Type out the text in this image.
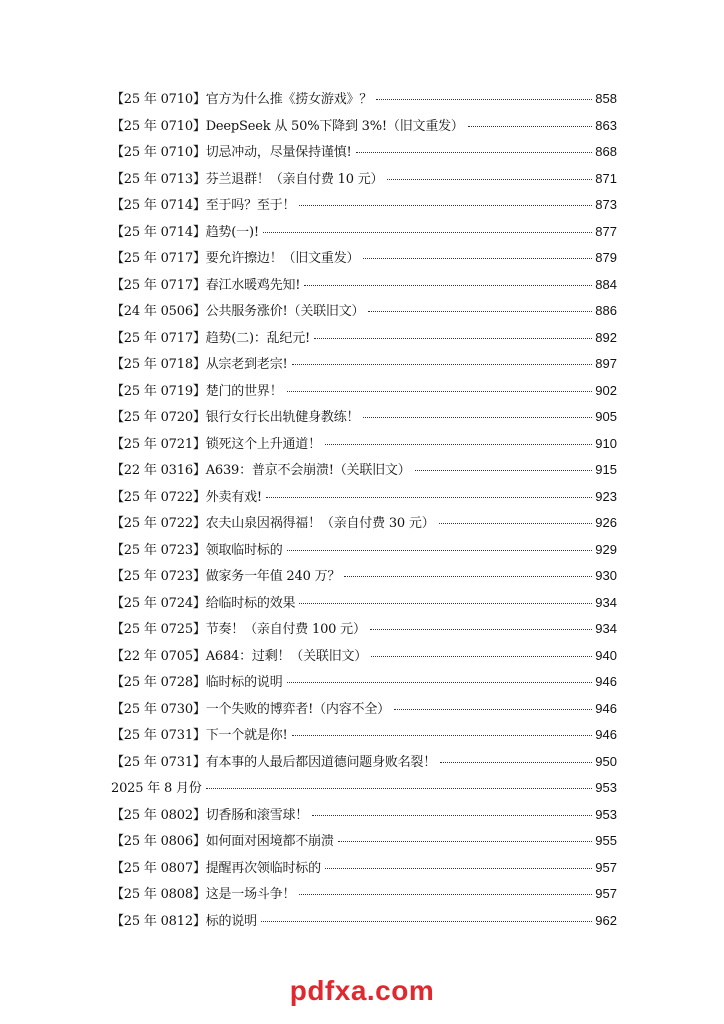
【25 年 0710】官方为什么推《捞女游戏》？	858
【25 年 0710】DeepSeek 从 50%下降到 3%!（旧文重发）	863
【25 年 0710】切忌冲动，尽量保持谨慎!	868
【25 年 0713】芬兰退群！（亲自付费 10 元）	871
【25 年 0714】至于吗？至于！	873
【25 年 0714】趋势(一)!	877
【25 年 0717】要允许擦边！（旧文重发）	879
【25 年 0717】春江水暖鸡先知!	884
【24 年 0506】公共服务涨价!（关联旧文）	886
【25 年 0717】趋势(二)：乱纪元!	892
【25 年 0718】从宗老到老宗!	897
【25 年 0719】楚门的世界！	902
【25 年 0720】银行女行长出轨健身教练！	905
【25 年 0721】锁死这个上升通道！	910
【22 年 0316】A639：普京不会崩溃!（关联旧文）	915
【25 年 0722】外卖有戏!	923
【25 年 0722】农夫山泉因祸得福！（亲自付费 30 元）	926
【25 年 0723】领取临时标的	929
【25 年 0723】做家务一年值 240 万？	930
【25 年 0724】给临时标的效果	934
【25 年 0725】节奏！（亲自付费 100 元）	934
【22 年 0705】A684：过剩！（关联旧文）	940
【25 年 0728】临时标的说明	946
【25 年 0730】一个失败的博弈者!（内容不全）	946
【25 年 0731】下一个就是你!	946
【25 年 0731】有本事的人最后都因道德问题身败名裂！	950
2025 年 8 月份	953
【25 年 0802】切香肠和滚雪球！	953
【25 年 0806】如何面对困境都不崩溃	955
【25 年 0807】提醒再次领临时标的	957
【25 年 0808】这是一场斗争！	957
【25 年 0812】标的说明	962
pdfxa.com
